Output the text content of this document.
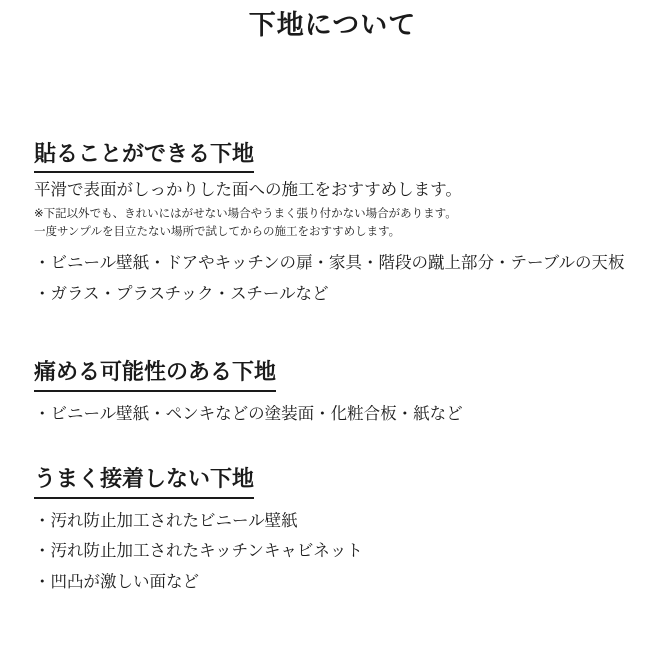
下地について
貼ることができる下地

平滑で表面がしっかりした面への施工をおすすめします。

※下記以外でも、きれいにはがせない場合やうまく張り付かない場合があります。

一度サンプルを目立たない場所で試してからの施工をおすすめします。

・ビニール壁紙・ドアやキッチンの扉・家具・階段の蹴上部分・テーブルの天板
・ガラス・プラスチック・スチールなど
痛める可能性のある下地
・ビニール壁紙・ペンキなどの塗装面・化粧合板・紙など
うまく接着しない下地
・汚れ防止加工されたビニール壁紙
・汚れ防止加工されたキッチンキャビネット
・凹凸が激しい面など
